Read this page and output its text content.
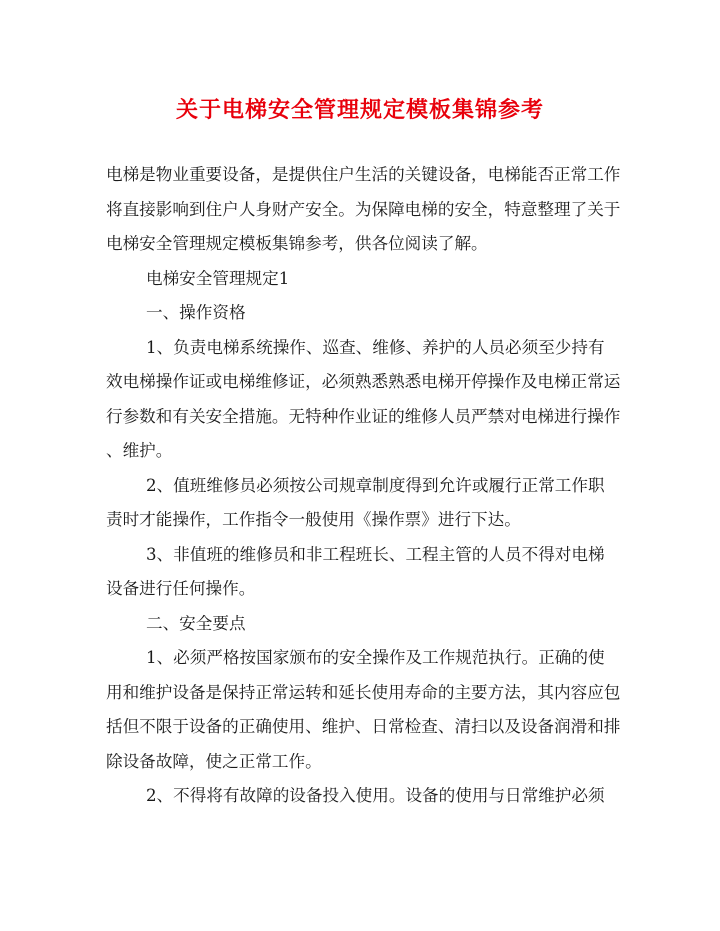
关于电梯安全管理规定模板集锦参考
电梯是物业重要设备，是提供住户生活的关键设备，电梯能否正常工作
将直接影响到住户人身财产安全。为保障电梯的安全，特意整理了关于
电梯安全管理规定模板集锦参考，供各位阅读了解。
电梯安全管理规定1
一、操作资格
1、负责电梯系统操作、巡查、维修、养护的人员必须至少持有
效电梯操作证或电梯维修证，必须熟悉熟悉电梯开停操作及电梯正常运
行参数和有关安全措施。无特种作业证的维修人员严禁对电梯进行操作
、维护。
2、值班维修员必须按公司规章制度得到允许或履行正常工作职
责时才能操作，工作指令一般使用《操作票》进行下达。
3、非值班的维修员和非工程班长、工程主管的人员不得对电梯
设备进行任何操作。
二、安全要点
1、必须严格按国家颁布的安全操作及工作规范执行。正确的使
用和维护设备是保持正常运转和延长使用寿命的主要方法，其内容应包
括但不限于设备的正确使用、维护、日常检查、清扫以及设备润滑和排
除设备故障，使之正常工作。
2、不得将有故障的设备投入使用。设备的使用与日常维护必须
